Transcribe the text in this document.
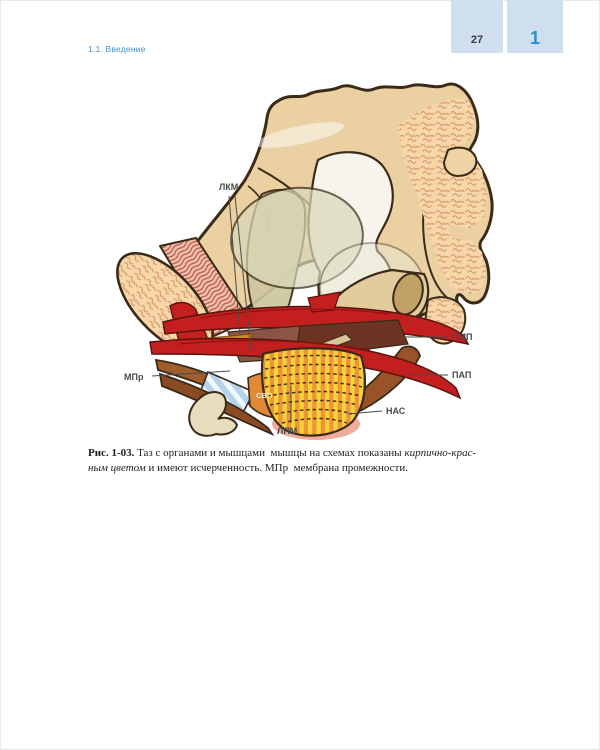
1.1. Введение
27	1
ЛКМ
МПр
ПМП
ПАП
НАС
СВП
ЛПМ
Рис. 1-03. Таз с органами и мышцами  мышцы на схемах показаны кирпично-крас-
ным цветом и имеют исчерченность. МПр  мембрана промежности.
